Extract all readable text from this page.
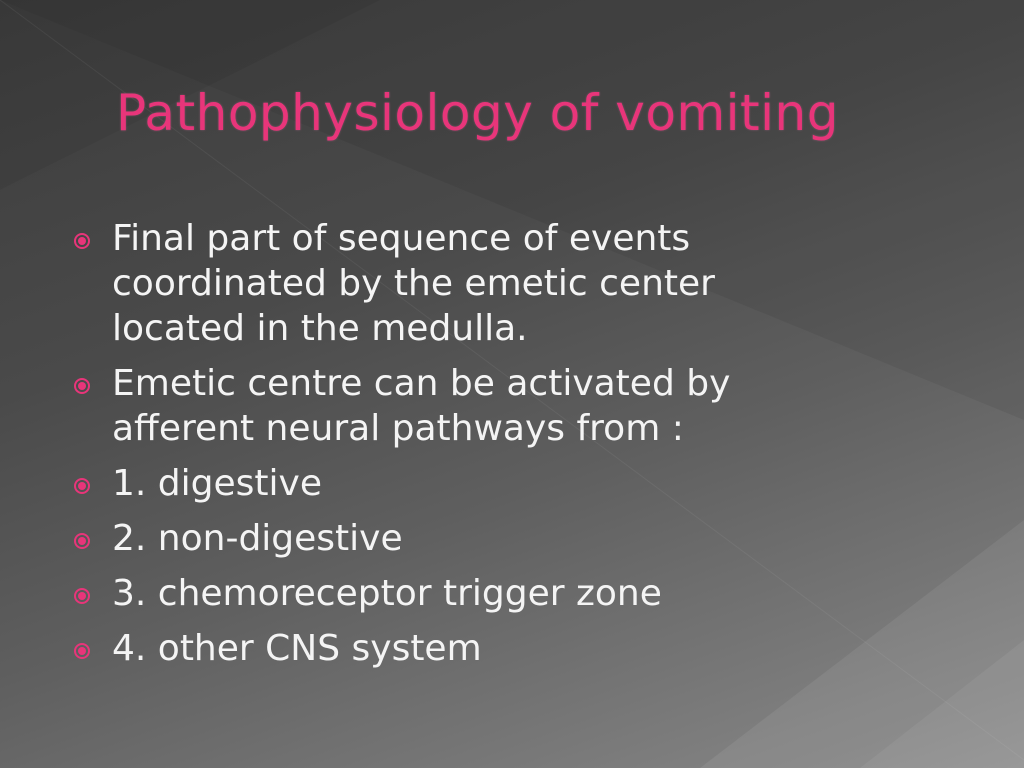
Pathophysiology of vomiting
Final part of sequence of events
coordinated by the emetic center
located in the medulla.
Emetic centre can be activated by
afferent neural pathways from :
1. digestive
2. non-digestive
3. chemoreceptor trigger zone
4. other CNS system
